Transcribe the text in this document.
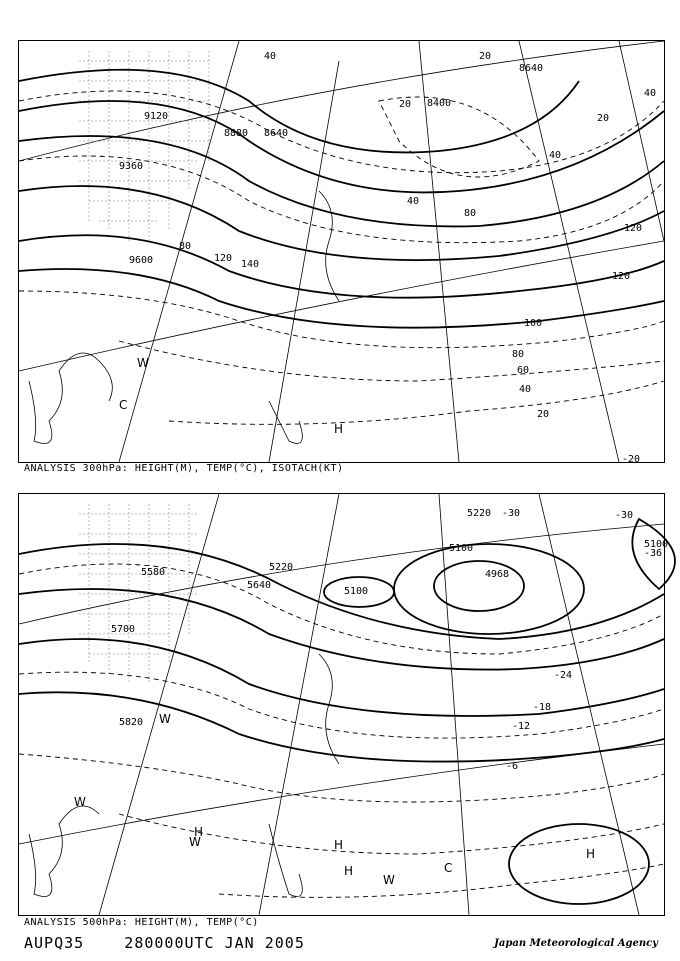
9120
8880 8640
9360
9600
8400
8640
40	20
40
20
40
80
120
120
100
80
60
40
20
-20
20
40
80
120
140
W
C
H
ANALYSIS 300hPa: HEIGHT(M), TEMP(°C), ISOTACH(KT)
5220
5100
4968
5100
5220
5580
5640
5700
5820
5100
-30	-30
-24
-18
-12
-6
-36
H
H
H
W
W
C
H
W
W
ANALYSIS 500hPa: HEIGHT(M), TEMP(°C)
AUPQ35    280000UTC JAN 2005	Japan Meteorological Agency
